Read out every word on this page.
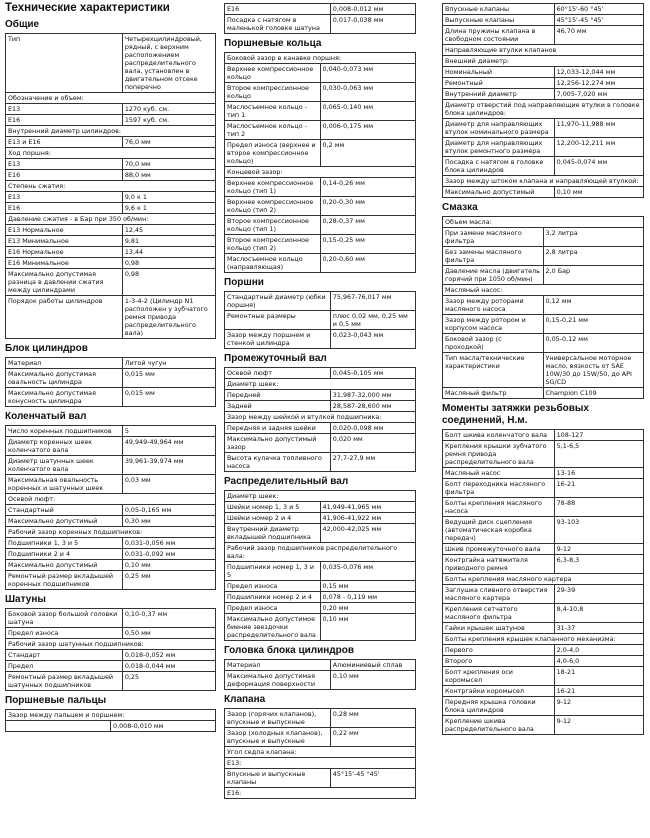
Технические характеристики
Общие
Тип	Четырехцилиндровый, рядный, с верхним расположением распределительного вала, установлен в двигательном отсеке поперечно
Обозначение и объем:	
E13	1270 куб. см.
E16	1597 куб. см.
Внутренний диаметр цилиндров:	
E13 и E16	76,0 мм
Ход поршня:	
E13	70,0 мм
E16	88,0 мм
Степень сжатия:	
E13	9,0 к 1
E16	9,6 к 1
Давление сжатия - в Бар при 350 об/мин:	
E13 Нормальное	12,45
E13 Минимальное	9,81
E16 Нормальное	13,44
E16 Минимальное	0,98
Максимально допустимая разница в давлении сжатия между цилиндрами	0,98
Порядок работы цилиндров	1-3-4-2 (Цилиндр N1 расположен у зубчатого ремня привода распределительного вала)
Блок цилиндров
Материал	Литой чугун
Максимально допустимая овальность цилиндра	0,015 мм
Максимально допустимая конусность цилиндра	0,015 мм
Коленчатый вал
Число коренных подшипников	5
Диаметр коренных шеек коленчатого вала	49,949-49,964 мм
Диаметр шатунных шеек коленчатого вала	39,961-39,974 мм
Максимальная овальность коренных и шатунных шеек	0,03 мм
Осевой люфт:	
Стандартный	0,05-0,165 мм
Максимально допустимый	0,30 мм
Рабочий зазор коренных подшипников:	
Подшипники 1, 3 и 5	0,031-0,056 мм
Подшипники 2 и 4	0,031-0,092 мм
Максимально допустимый	0,10 мм
Ремонтный размер вкладышей коренных подшипников	0,25 мм
Шатуны
Боковой зазор большой головки шатуна	0,10-0,37 мм
Предел износа	0,50 мм
Рабочий зазор шатунных подшипников:	
Стандарт	0,018-0,052 мм
Предел	0,018-0,044 мм
Ремонтный размер вкладышей шатунных подшипников	0,25
Поршневые пальцы
Зазор между пальцем и поршнем:
	0,008-0,010 мм
E16	0,008-0,012 мм
Посадка с натягом в маленькой головке шатуна	0,017-0,038 мм
Поршневые кольца
Боковой зазор в канавке поршня:	
Верхнее компрессионное кольцо	0,040-0,073 мм
Второе компрессионное кольцо	0,030-0,063 мм
Маслосъемное кольцо - тип 1	0,065-0,140 мм
Маслосъемное кольцо - тип 2	0,006-0,175 мм
Предел износа (верхнее и второе компрессионное кольцо)	0,2 мм
Концевой зазор:	
Верхнее компрессионное кольцо (тип 1)	0,14-0,26 мм
Верхнее компрессионное кольцо (тип 2)	0,20-0,30 мм
Второе компрессионное кольцо (тип 1)	0,28-0,37 мм
Второе компрессионное кольцо (тип 2)	0,15-0,25 мм
Маслосъемное кольцо (направляющая)	0,20-0,60 мм
Поршни
Стандартный диаметр (юбки поршня)	75,967-76,017 мм
Ремонтные размеры	плюс 0,02 мм, 0,25 мм и 0,5 мм
Зазор между поршнем и стенкой цилиндра	0,023-0,043 мм
Промежуточный вал
Осевой люфт	0,045-0,105 мм
Диаметр шеек:	
Передней	31,987-32,000 мм
Задней	28,587-28,600 мм
Зазор между шейкой и втулкой подшипника:	
Передняя и задняя шейки	0,020-0,098 мм
Максимально допустимый зазор	0,020 мм
Высота кулачка топливного насоса	27,7-27,9 мм
Распределительный вал
Диаметр шеек:	
Шейки номер 1, 3 и 5	41,949-41,965 мм
Шейки номер 2 и 4	41,906-41,922 мм
Внутренний диаметр вкладышей подшипника	42,000-42,025 мм
Рабочий зазор подшипников распределительного вала:	
Подшипники номер 1, 3 и 5	0,035-0,076 мм
Предел износа	0,15 мм
Подшипники номер 2 и 4	0,078 - 0,119 мм
Предел износа	0,20 мм
Максимально допустимое биение звездочки распределительного вала	0,10 мм
Головка блока цилиндров
Материал	Алюминиевый сплав
Максимально допустимая деформация поверхности	0,10 мм
Клапана
Зазор (горячих клапанов), впускные и выпускные	0,28 мм
Зазор (холодных клапанов), впускные и выпускные	0,22 мм
Угол седла клапана:	
E13:	
Впускные и выпускные клапаны	45°15'-45 °45'
E16:	
Впускные клапаны	60°15'-60 °45'
Выпускные клапаны	45°15'-45 °45'
Длина пружины клапана в свободном состоянии	46,70 мм
Направляющие втулки клапанов	
Внешний диаметр:	
Номинальный	12,033-12,044 мм
Ремонтный	12,256-12,274 мм
Внутренний диаметр	7,005-7,020 мм
Диаметр отверстий под направляющие втулки в головке блока цилиндров:	
Диаметр для направляющих втулок номинального размера	11,970-11,988 мм
Диаметр для направляющих втулок ремонтного размера	12,200-12,211 мм
Посадка с натягом в головке блока цилиндров	0,045-0,074 мм
Зазор между штоком клапана и направляющей втулкой:	
Максимально допустимый	0,10 мм
Смазка
Объем масла:	
При замене масляного фильтра	3,2 литра
Без замены масляного фильтра	2,8 литра
Давление масла (двигатель горячий при 1050 об/мин)	2,0 Бар
Масляный насос:	
Зазор между роторами масляного насоса	0,12 мм
Зазор между ротором и корпусом насоса	0,15-0,21 мм
Боковой зазор (с проходкой)	0,05-0,12 мм
Тип масла/технические характеристики	Универсальное моторное масло, вязкость от SAE 10W/30 до 15W/50, до API SG/CD
Масляный фильтр	Champion C109
Моменты затяжки резьбовых соединений, Н.м.
Болт шкива коленчатого вала	108-127
Крепления крышки зубчатого ремня привода распределительного вала	5,1-6,5
Масляный насос	13-16
Болт переходника масляного фильтра	16-21
Болты крепления масляного насоса	78-88
Ведущий диск сцепления (автоматическая коробка передач)	93-103
Шкив промежуточного вала	9-12
Контргайка натяжителя приводного ремня	6,3-8,3
Болты крепления масляного картера	
Заглушка сливного отверстия масляного картера	29-39
Крепления сетчатого масляного фильтра	8,4-10,8
Гайки крышек шатунов	31-37
Болты крепления крышек клапанного механизма:	
Первого	2,0-4,0
Второго	4,0-6,0
Болт крепления оси коромысел	18-21
Контргайки коромысел	16-21
Передняя крышка головки блока цилиндров	9-12
Крепление шкива распределительного вала	9-12
